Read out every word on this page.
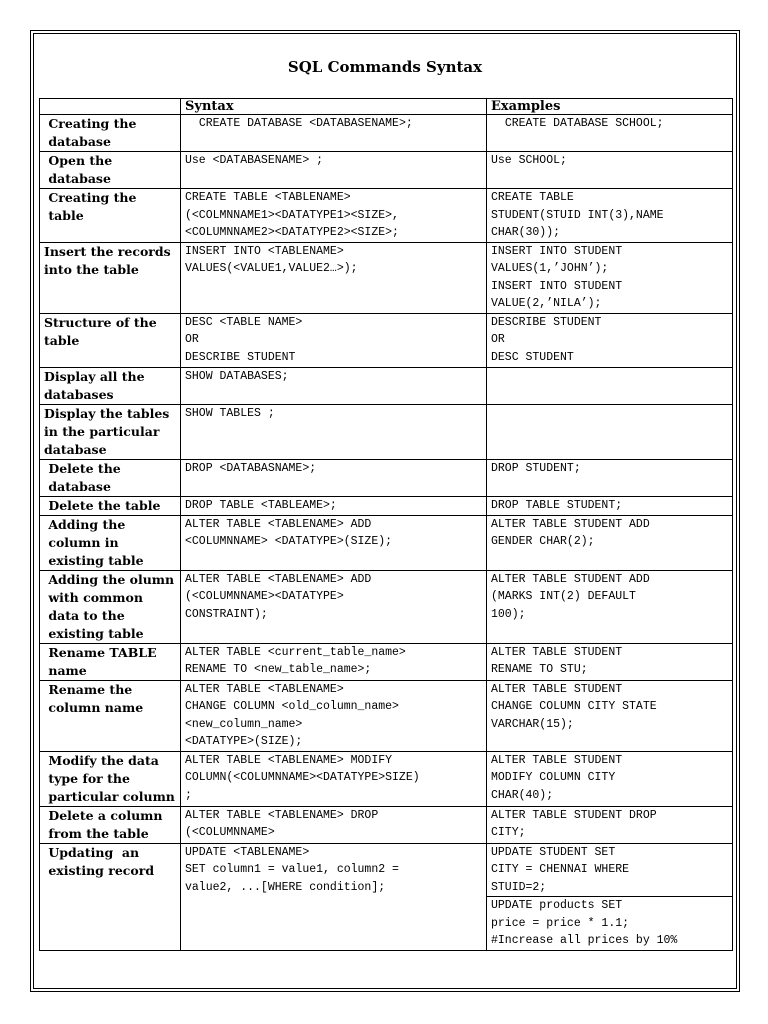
SQL Commands Syntax
	Syntax	Examples
Creating the
database	CREATE DATABASE <DATABASENAME>;	CREATE DATABASE SCHOOL;
Open the
database	Use <DATABASENAME> ;	Use SCHOOL;
Creating the
table	CREATE TABLE <TABLENAME>
(<COLMNNAME1><DATATYPE1><SIZE>,
<COLUMNNAME2><DATATYPE2><SIZE>;	CREATE TABLE
STUDENT(STUID INT(3),NAME
CHAR(30));
Insert the records
into the table	INSERT INTO <TABLENAME>
VALUES(<VALUE1,VALUE2…>);	INSERT INTO STUDENT
VALUES(1,’JOHN’);
INSERT INTO STUDENT
VALUE(2,’NILA’);
Structure of the
table	DESC <TABLE NAME>
OR
DESCRIBE STUDENT	DESCRIBE STUDENT
OR
DESC STUDENT
Display all the
databases	SHOW DATABASES;	
Display the tables
in the particular
database	SHOW TABLES ;	
Delete the
database	DROP <DATABASNAME>;	DROP STUDENT;
Delete the table	DROP TABLE <TABLEAME>;	DROP TABLE STUDENT;
Adding the
column in
existing table	ALTER TABLE <TABLENAME> ADD
<COLUMNNAME> <DATATYPE>(SIZE);	ALTER TABLE STUDENT ADD
GENDER CHAR(2);
Adding the olumn
with common
data to the
existing table	ALTER TABLE <TABLENAME> ADD
(<COLUMNNAME><DATATYPE>
CONSTRAINT);	ALTER TABLE STUDENT ADD
(MARKS INT(2) DEFAULT
100);
Rename TABLE
name	ALTER TABLE <current_table_name>
RENAME TO <new_table_name>;	ALTER TABLE STUDENT
RENAME TO STU;
Rename the
column name	ALTER TABLE <TABLENAME>
CHANGE COLUMN <old_column_name>
<new_column_name>
<DATATYPE>(SIZE);	ALTER TABLE STUDENT
CHANGE COLUMN CITY STATE
VARCHAR(15);
Modify the data
type for the
particular column	ALTER TABLE <TABLENAME> MODIFY
COLUMN(<COLUMNNAME><DATATYPE>SIZE)
;	ALTER TABLE STUDENT
MODIFY COLUMN CITY
CHAR(40);
Delete a column
from the table	ALTER TABLE <TABLENAME> DROP
(<COLUMNNAME>	ALTER TABLE STUDENT DROP
CITY;
Updating  an
existing record	UPDATE <TABLENAME>
SET column1 = value1, column2 =
value2, ...[WHERE condition];	UPDATE STUDENT SET
CITY = CHENNAI WHERE
STUID=2;
		UPDATE products SET
price = price * 1.1;
#Increase all prices by 10%
